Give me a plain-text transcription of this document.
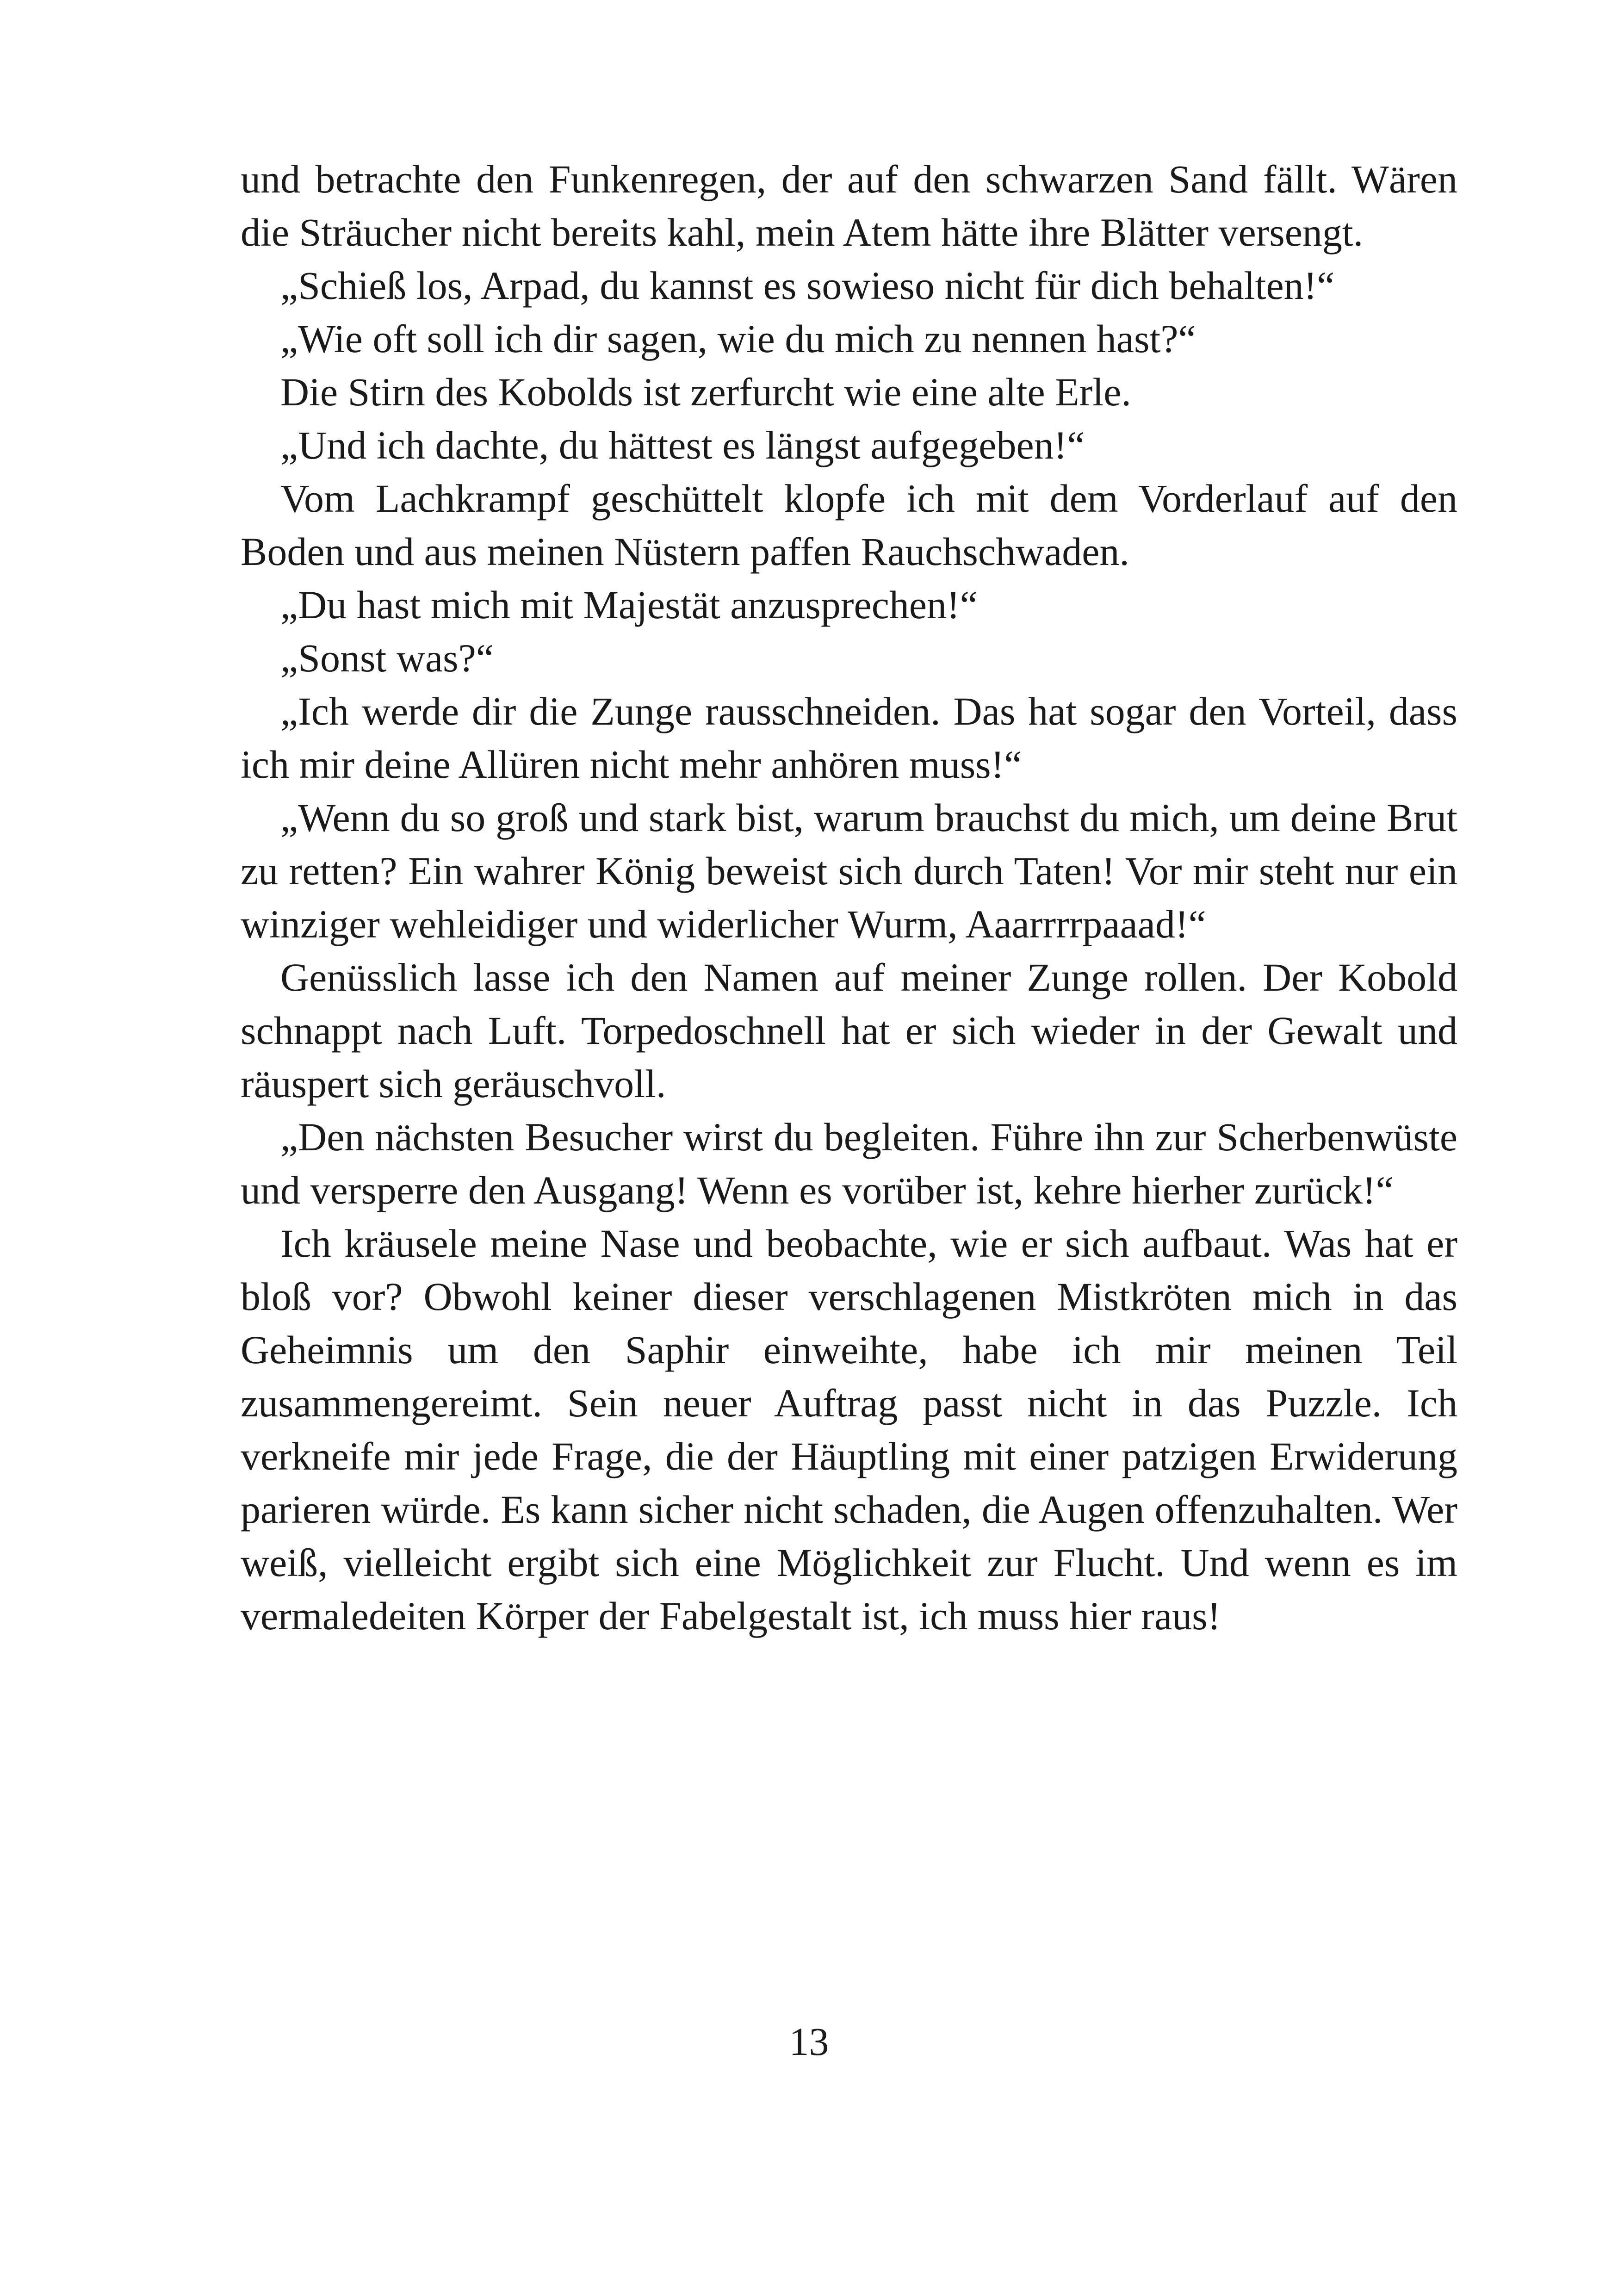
und betrachte den Funkenregen, der auf den schwarzen Sand fällt. Wären die Sträucher nicht bereits kahl, mein Atem hätte ihre Blätter versengt.

„Schieß los, Arpad, du kannst es sowieso nicht für dich behalten!“

„Wie oft soll ich dir sagen, wie du mich zu nennen hast?“

Die Stirn des Kobolds ist zerfurcht wie eine alte Erle.

„Und ich dachte, du hättest es längst aufgegeben!“

Vom Lachkrampf geschüttelt klopfe ich mit dem Vorderlauf auf den Boden und aus meinen Nüstern paffen Rauchschwaden.

„Du hast mich mit Majestät anzusprechen!“

„Sonst was?“

„Ich werde dir die Zunge rausschneiden. Das hat sogar den Vorteil, dass ich mir deine Allüren nicht mehr anhören muss!“

„Wenn du so groß und stark bist, warum brauchst du mich, um deine Brut zu retten? Ein wahrer König beweist sich durch Taten! Vor mir steht nur ein winziger wehleidiger und widerlicher Wurm, Aaarrrrpaaad!“

Genüsslich lasse ich den Namen auf meiner Zunge rollen. Der Kobold schnappt nach Luft. Torpedoschnell hat er sich wieder in der Gewalt und räuspert sich geräuschvoll.

„Den nächsten Besucher wirst du begleiten. Führe ihn zur Scherbenwüste und versperre den Ausgang! Wenn es vorüber ist, kehre hierher zurück!“

Ich kräusele meine Nase und beobachte, wie er sich aufbaut. Was hat er bloß vor? Obwohl keiner dieser verschlagenen Mistkröten mich in das Geheimnis um den Saphir einweihte, habe ich mir meinen Teil zusammengereimt. Sein neuer Auftrag passt nicht in das Puzzle. Ich verkneife mir jede Frage, die der Häuptling mit einer patzigen Erwiderung parieren würde. Es kann sicher nicht schaden, die Augen offenzuhalten. Wer weiß, vielleicht ergibt sich eine Möglichkeit zur Flucht. Und wenn es im vermaledeiten Körper der Fabelgestalt ist, ich muss hier raus!

13
